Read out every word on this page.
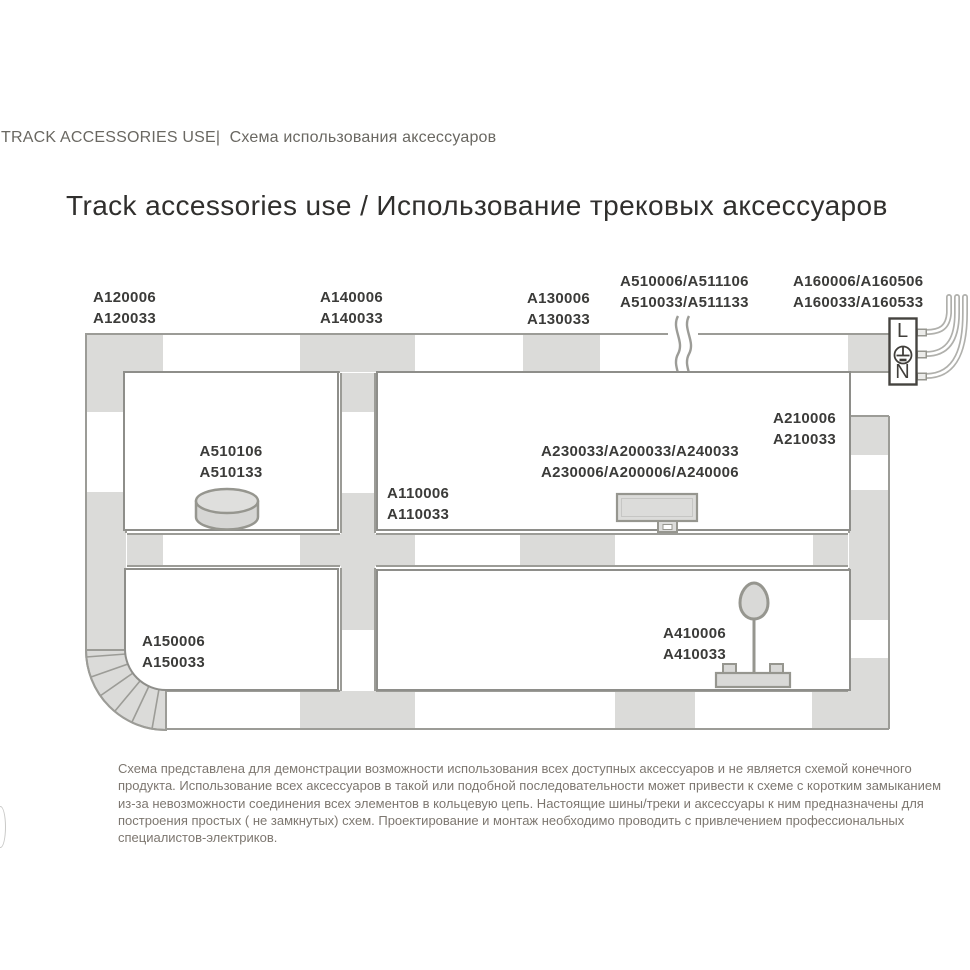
TRACK ACCESSORIES USE|  Схема использования аксессуаров
Track accessories use / Использование трековых аксессуаров
A120006
A120033
A140006
A140033
A130006
A130033
A510006/A511106
A510033/A511133
A160006/A160506
A160033/A160533
A210006
A210033
A510106
A510133
A230033/A200033/A240033
A230006/A200006/A240006
A110006
A110033
A150006
A150033
A410006
A410033
L
N
Схема представлена для демонстрации возможности использования всех доступных аксессуаров и не является схемой конечного продукта. Использование всех аксессуаров в такой или подобной последовательности может привести к схеме с коротким замыканием из-за невозможности соединения всех элементов в кольцевую цепь. Настоящие шины/треки и аксессуары к ним предназначены для построения простых ( не замкнутых) схем. Проектирование и монтаж необходимо проводить с привлечением профессиональных специалистов-электриков.
